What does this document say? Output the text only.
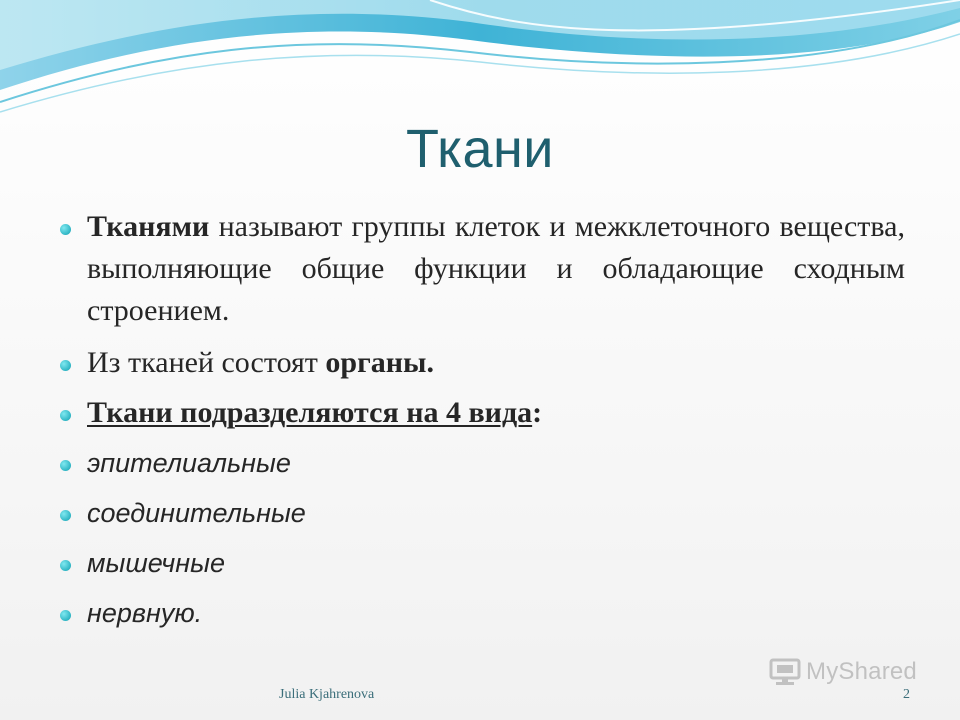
Ткани
Тканями называют группы клеток и межклеточного вещества, выполняющие общие функции и обладающие сходным строением.
Из тканей состоят органы.
Ткани подразделяются на 4 вида:
эпителиальные
соединительные
мышечные
нервную.
MyShared
Julia Kjahrenova	2
